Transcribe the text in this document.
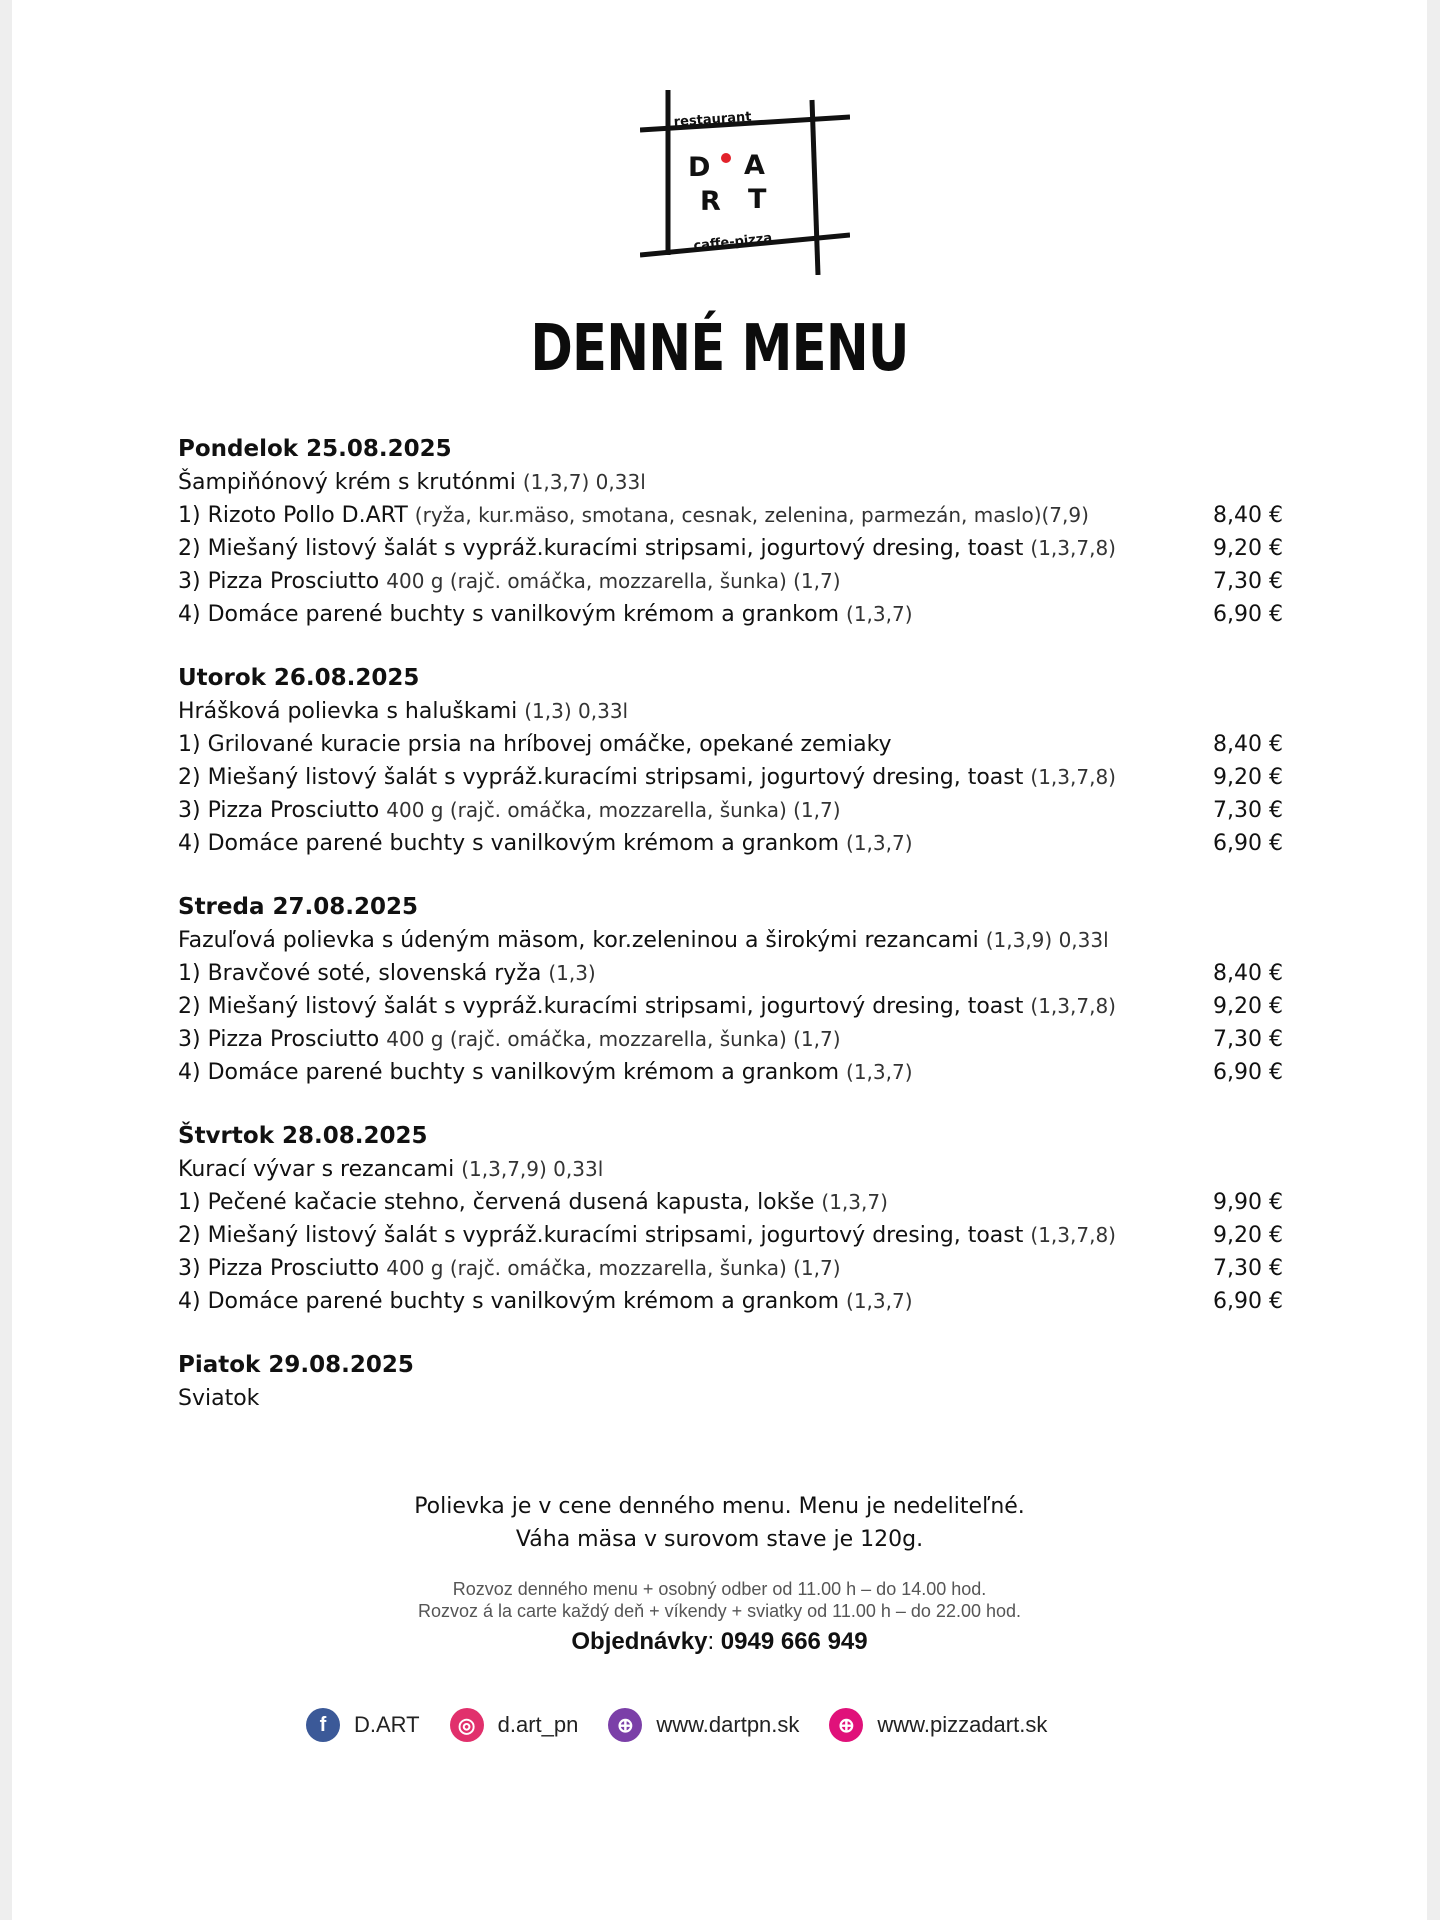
restaurant
D A
R T
caffe-pizza
DENNÉ MENU
Pondelok 25.08.2025
Šampiňónový krém s krutónmi (1,3,7) 0,33l
1) Rizoto Pollo D.ART (ryža, kur.mäso, smotana, cesnak, zelenina, parmezán, maslo)(7,9)	8,40 €
2) Miešaný listový šalát s vypráž.kuracími stripsami, jogurtový dresing, toast (1,3,7,8)	9,20 €
3) Pizza Prosciutto 400 g (rajč. omáčka, mozzarella, šunka) (1,7)	7,30 €
4) Domáce parené buchty s vanilkovým krémom a grankom (1,3,7)	6,90 €
Utorok 26.08.2025
Hrášková polievka s haluškami (1,3) 0,33l
1) Grilované kuracie prsia na hríbovej omáčke, opekané zemiaky	8,40 €
2) Miešaný listový šalát s vypráž.kuracími stripsami, jogurtový dresing, toast (1,3,7,8)	9,20 €
3) Pizza Prosciutto 400 g (rajč. omáčka, mozzarella, šunka) (1,7)	7,30 €
4) Domáce parené buchty s vanilkovým krémom a grankom (1,3,7)	6,90 €
Streda 27.08.2025
Fazuľová polievka s údeným mäsom, kor.zeleninou a širokými rezancami (1,3,9) 0,33l
1) Bravčové soté, slovenská ryža (1,3)	8,40 €
2) Miešaný listový šalát s vypráž.kuracími stripsami, jogurtový dresing, toast (1,3,7,8)	9,20 €
3) Pizza Prosciutto 400 g (rajč. omáčka, mozzarella, šunka) (1,7)	7,30 €
4) Domáce parené buchty s vanilkovým krémom a grankom (1,3,7)	6,90 €
Štvrtok 28.08.2025
Kurací vývar s rezancami (1,3,7,9) 0,33l
1) Pečené kačacie stehno, červená dusená kapusta, lokše (1,3,7)	9,90 €
2) Miešaný listový šalát s vypráž.kuracími stripsami, jogurtový dresing, toast (1,3,7,8)	9,20 €
3) Pizza Prosciutto 400 g (rajč. omáčka, mozzarella, šunka) (1,7)	7,30 €
4) Domáce parené buchty s vanilkovým krémom a grankom (1,3,7)	6,90 €
Piatok 29.08.2025
Sviatok
Polievka je v cene denného menu. Menu je nedeliteľné.
Váha mäsa v surovom stave je 120g.
Rozvoz denného menu + osobný odber od 11.00 h – do 14.00 hod.
Rozvoz á la carte každý deň + víkendy + sviatky od 11.00 h – do 22.00 hod.
Objednávky: 0949 666 949
f	D.ART	◎	d.art_pn	⊕	www.dartpn.sk	⊕	www.pizzadart.sk
